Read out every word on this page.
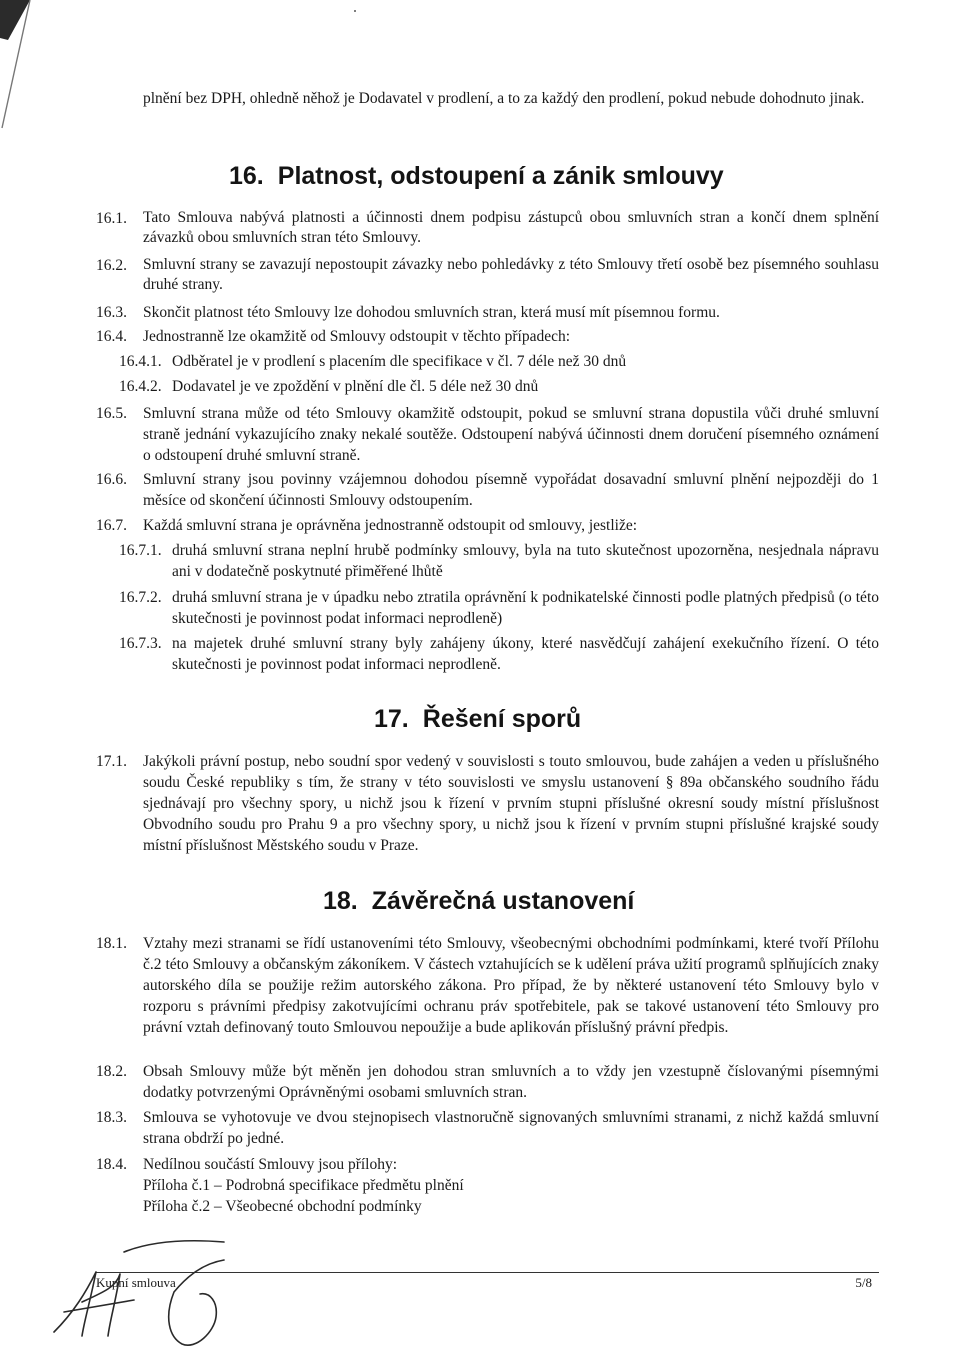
plnění bez DPH, ohledně něhož je Dodavatel v prodlení, a to za každý den prodlení, pokud nebude dohodnuto jinak.
16. Platnost, odstoupení a zánik smlouvy
16.1. Tato Smlouva nabývá platnosti a účinnosti dnem podpisu zástupců obou smluvních stran a končí dnem splnění závazků obou smluvních stran této Smlouvy.
16.2. Smluvní strany se zavazují nepostoupit závazky nebo pohledávky z této Smlouvy třetí osobě bez písemného souhlasu druhé strany.
16.3. Skončit platnost této Smlouvy lze dohodou smluvních stran, která musí mít písemnou formu.
16.4. Jednostranně lze okamžitě od Smlouvy odstoupit v těchto případech:
16.4.1. Odběratel je v prodlení s placením dle specifikace v čl. 7 déle než 30 dnů
16.4.2. Dodavatel je ve zpoždění v plnění dle čl. 5 déle než 30 dnů
16.5. Smluvní strana může od této Smlouvy okamžitě odstoupit, pokud se smluvní strana dopustila vůči druhé smluvní straně jednání vykazujícího znaky nekalé soutěže. Odstoupení nabývá účinnosti dnem doručení písemného oznámení o odstoupení druhé smluvní straně.
16.6. Smluvní strany jsou povinny vzájemnou dohodou písemně vypořádat dosavadní smluvní plnění nejpozději do 1 měsíce od skončení účinnosti Smlouvy odstoupením.
16.7. Každá smluvní strana je oprávněna jednostranně odstoupit od smlouvy, jestliže:
16.7.1. druhá smluvní strana neplní hrubě podmínky smlouvy, byla na tuto skutečnost upozorněna, nesjednala nápravu ani v dodatečně poskytnuté přiměřené lhůtě
16.7.2. druhá smluvní strana je v úpadku nebo ztratila oprávnění k podnikatelské činnosti podle platných předpisů (o této skutečnosti je povinnost podat informaci neprodleně)
16.7.3. na majetek druhé smluvní strany byly zahájeny úkony, které nasvědčují zahájení exekučního řízení. O této skutečnosti je povinnost podat informaci neprodleně.
17. Řešení sporů
17.1. Jakýkoli právní postup, nebo soudní spor vedený v souvislosti s touto smlouvou, bude zahájen a veden u příslušného soudu České republiky s tím, že strany v této souvislosti ve smyslu ustanovení § 89a občanského soudního řádu sjednávají pro všechny spory, u nichž jsou k řízení v prvním stupni příslušné okresní soudy místní příslušnost Obvodního soudu pro Prahu 9 a pro všechny spory, u nichž jsou k řízení v prvním stupni příslušné krajské soudy místní příslušnost Městského soudu v Praze.
18. Závěrečná ustanovení
18.1. Vztahy mezi stranami se řídí ustanoveními této Smlouvy, všeobecnými obchodními podmínkami, které tvoří Přílohu č.2 této Smlouvy a občanským zákoníkem. V částech vztahujících se k udělení práva užití programů splňujících znaky autorského díla se použije režim autorského zákona. Pro případ, že by některé ustanovení této Smlouvy bylo v rozporu s právními předpisy zakotvujícími ochranu práv spotřebitele, pak se takové ustanovení této Smlouvy pro právní vztah definovaný touto Smlouvou nepoužije a bude aplikován příslušný právní předpis.
18.2. Obsah Smlouvy může být měněn jen dohodou stran smluvních a to vždy jen vzestupně číslovanými písemnými dodatky potvrzenými Oprávněnými osobami smluvních stran.
18.3. Smlouva se vyhotovuje ve dvou stejnopisech vlastnoručně signovaných smluvními stranami, z nichž každá smluvní strana obdrží po jedné.
18.4. Nedílnou součástí Smlouvy jsou přílohy:
Příloha č.1 – Podrobná specifikace předmětu plnění
Příloha č.2 – Všeobecné obchodní podmínky
Kupní smlouva	5/8
